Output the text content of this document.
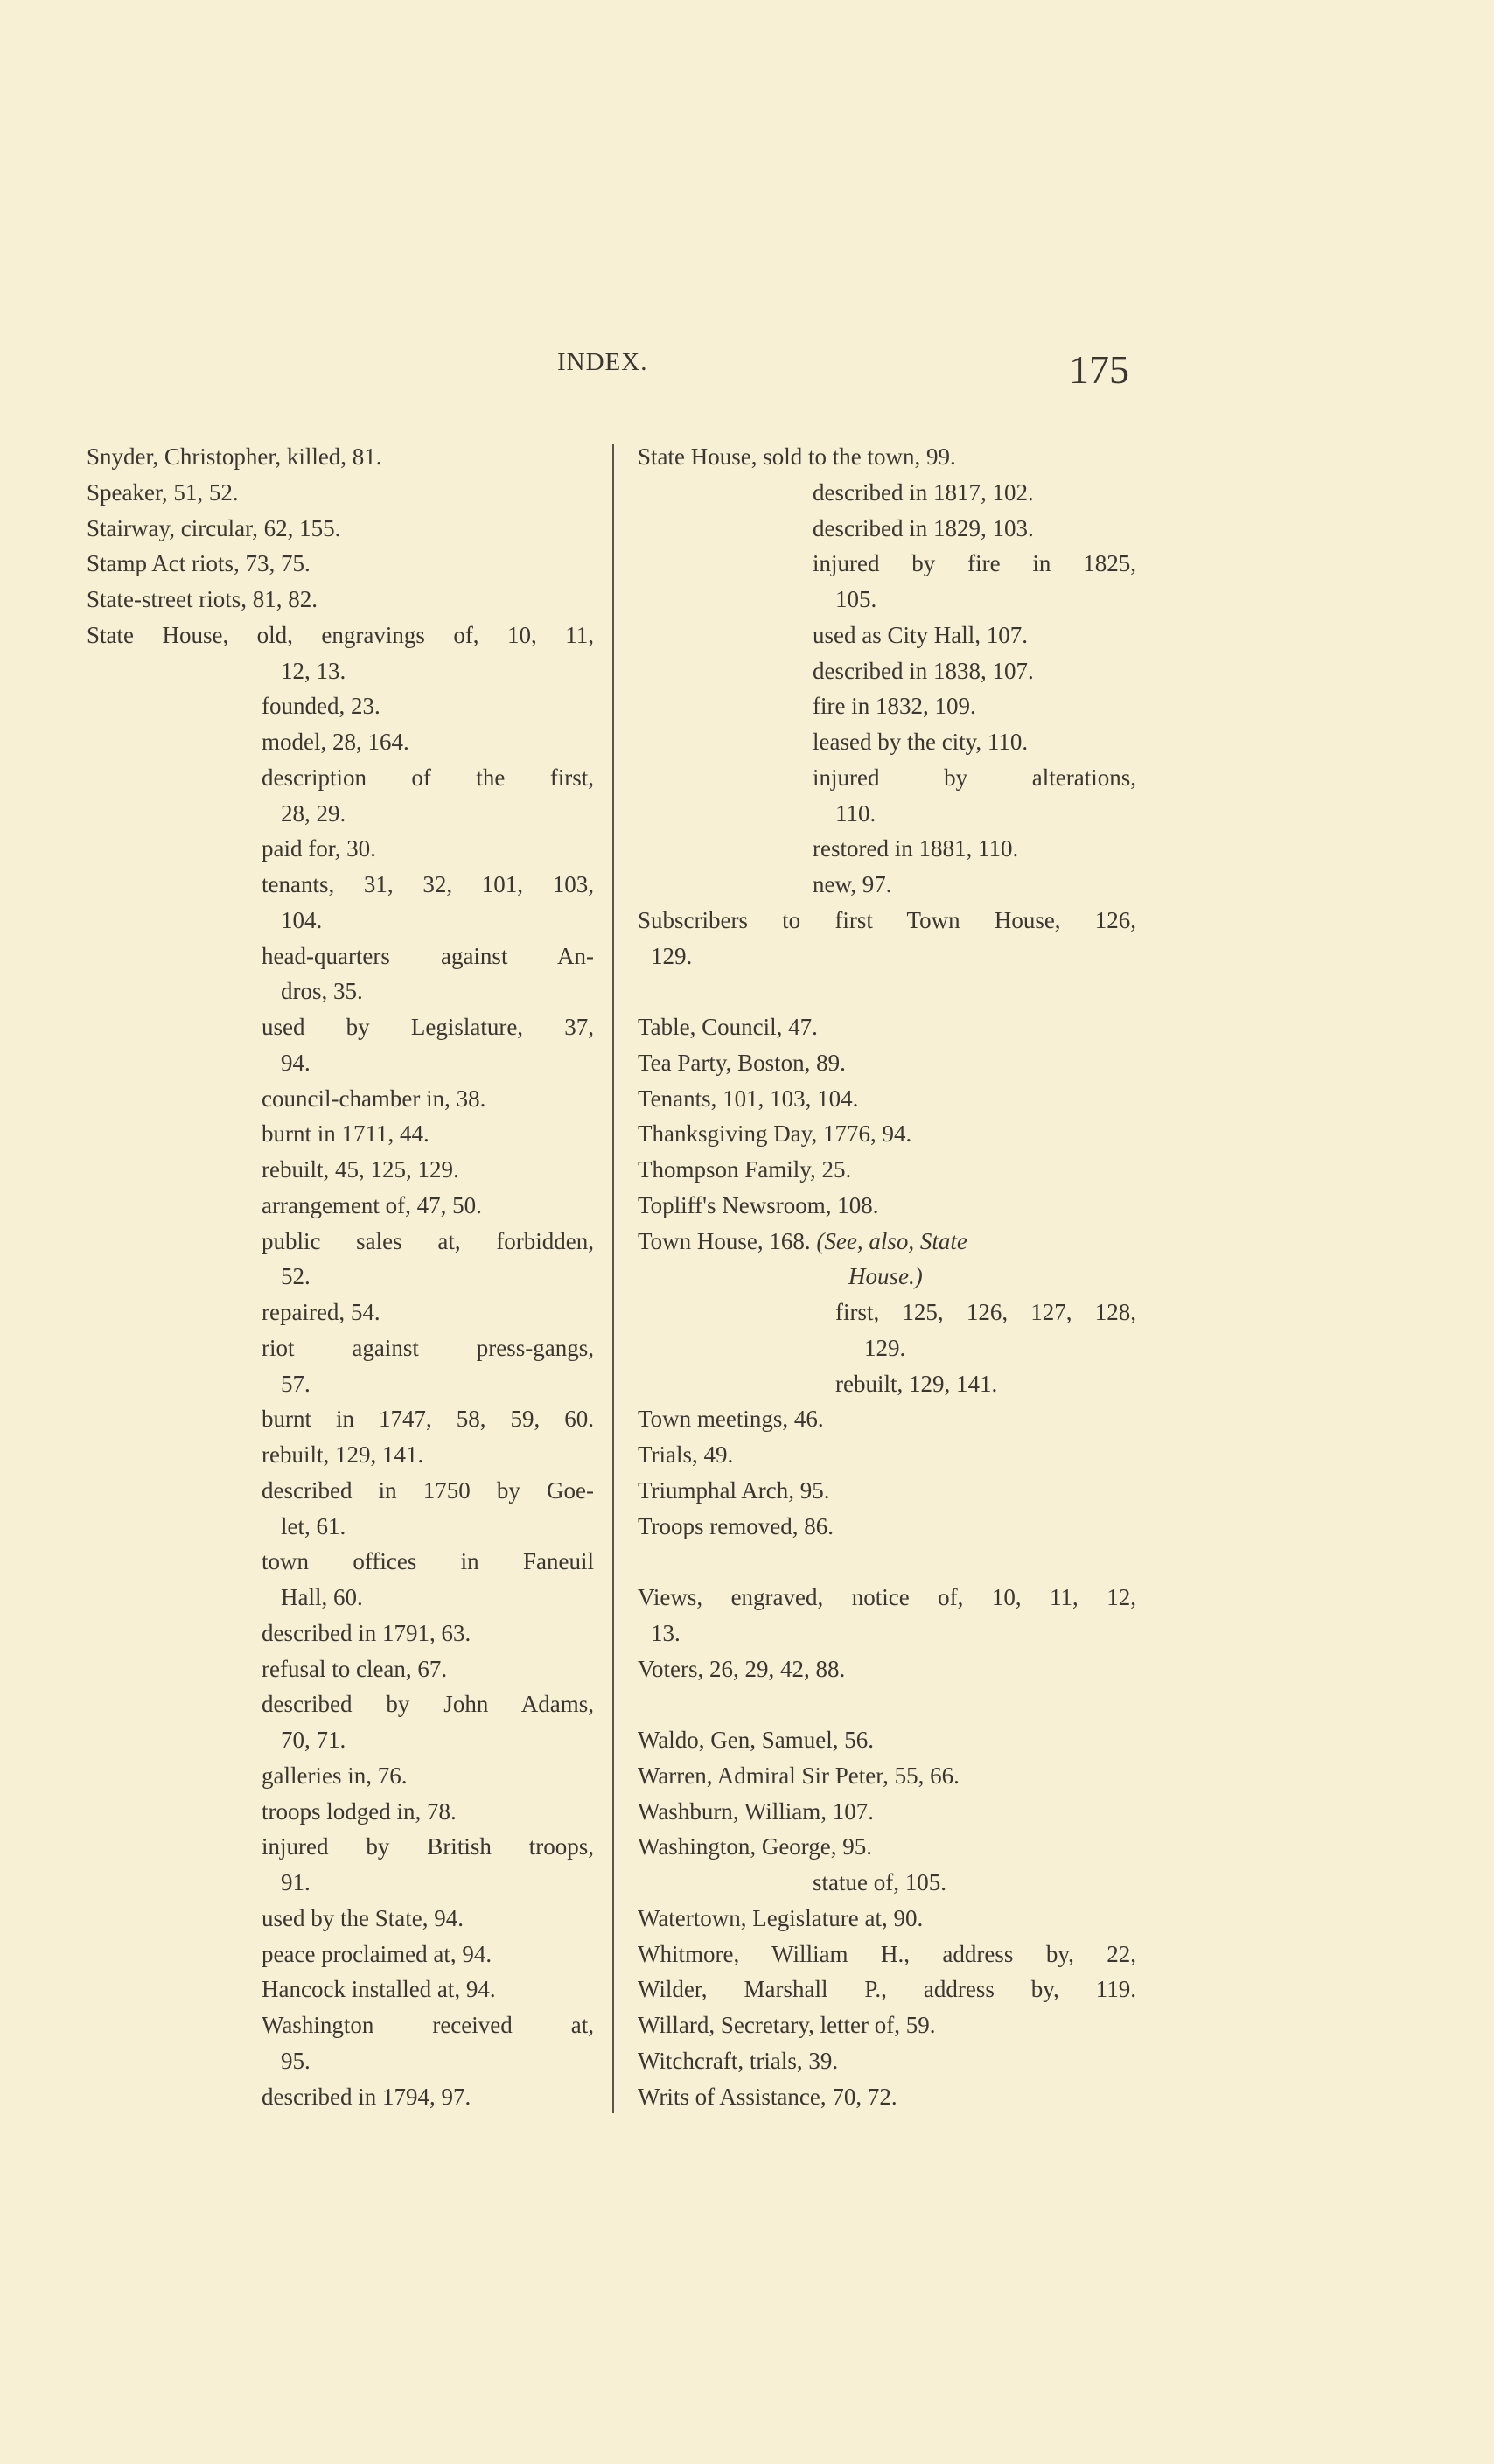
INDEX.	175
Snyder, Christopher, killed, 81.
Speaker, 51, 52.
Stairway, circular, 62, 155.
Stamp Act riots, 73, 75.
State-street riots, 81, 82.
State House, old, engravings of, 10, 11,
12, 13.
founded, 23.
model, 28, 164.
description of the first,
28, 29.
paid for, 30.
tenants, 31, 32, 101, 103,
104.
head-quarters against An-
dros, 35.
used by Legislature, 37,
94.
council-chamber in, 38.
burnt in 1711, 44.
rebuilt, 45, 125, 129.
arrangement of, 47, 50.
public sales at, forbidden,
52.
repaired, 54.
riot against press-gangs,
57.
burnt in 1747, 58, 59, 60.
rebuilt, 129, 141.
described in 1750 by Goe-
let, 61.
town offices in Faneuil
Hall, 60.
described in 1791, 63.
refusal to clean, 67.
described by John Adams,
70, 71.
galleries in, 76.
troops lodged in, 78.
injured by British troops,
91.
used by the State, 94.
peace proclaimed at, 94.
Hancock installed at, 94.
Washington received at,
95.
described in 1794, 97.
State House, sold to the town, 99.
described in 1817, 102.
described in 1829, 103.
injured by fire in 1825,
105.
used as City Hall, 107.
described in 1838, 107.
fire in 1832, 109.
leased by the city, 110.
injured by alterations,
110.
restored in 1881, 110.
new, 97.
Subscribers to first Town House, 126,
129.
Table, Council, 47.
Tea Party, Boston, 89.
Tenants, 101, 103, 104.
Thanksgiving Day, 1776, 94.
Thompson Family, 25.
Topliff's Newsroom, 108.
Town House, 168. (See, also, State
House.)
first, 125, 126, 127, 128,
129.
rebuilt, 129, 141.
Town meetings, 46.
Trials, 49.
Triumphal Arch, 95.
Troops removed, 86.
Views, engraved, notice of, 10, 11, 12,
13.
Voters, 26, 29, 42, 88.
Waldo, Gen, Samuel, 56.
Warren, Admiral Sir Peter, 55, 66.
Washburn, William, 107.
Washington, George, 95.
statue of, 105.
Watertown, Legislature at, 90.
Whitmore, William H., address by, 22,
Wilder, Marshall P., address by, 119.
Willard, Secretary, letter of, 59.
Witchcraft, trials, 39.
Writs of Assistance, 70, 72.
